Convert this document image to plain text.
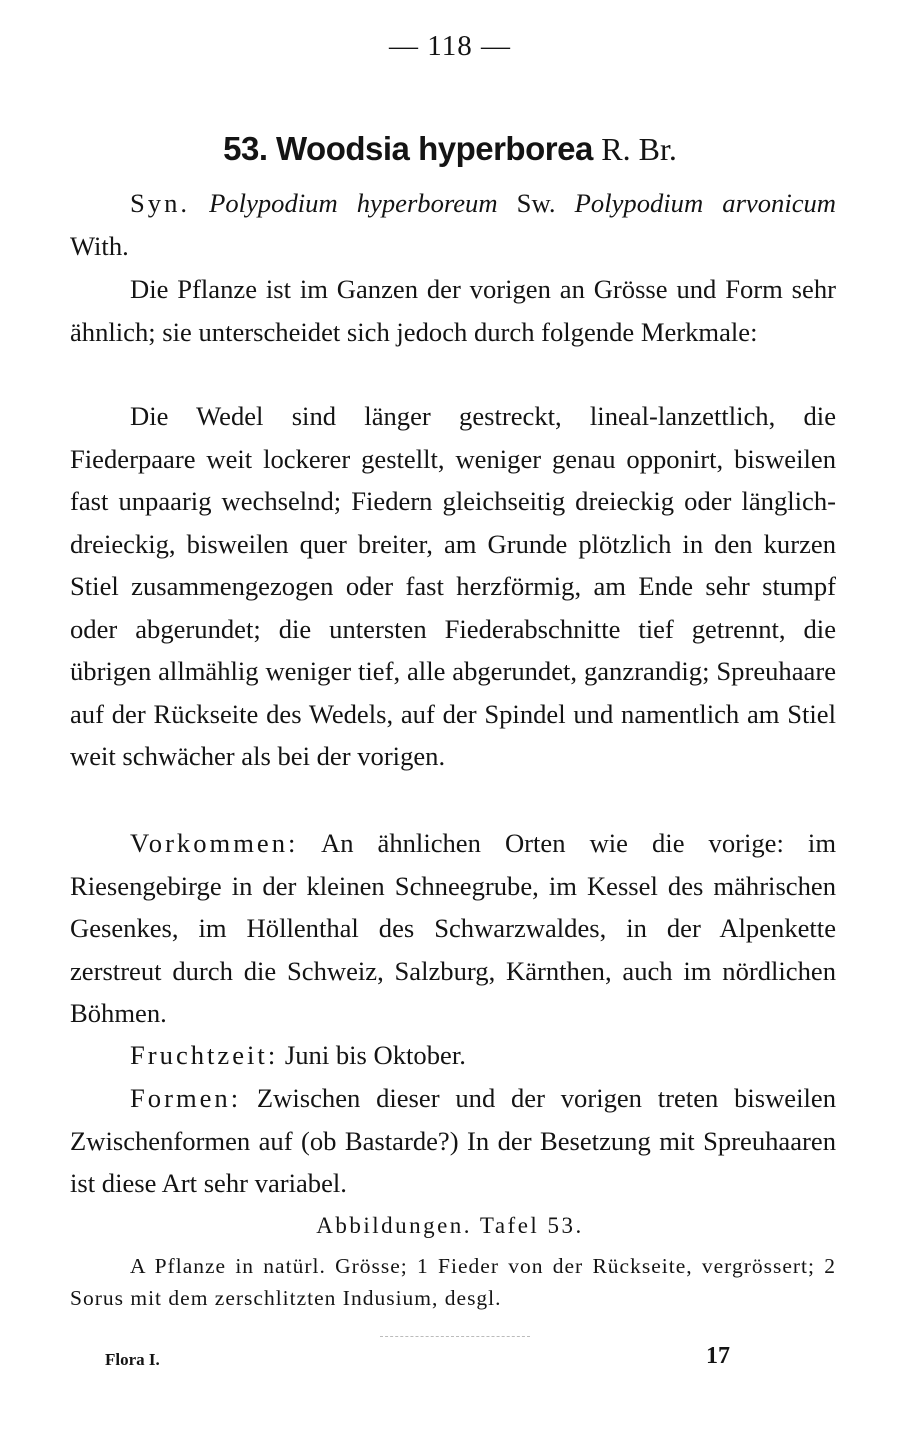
— 118 —
53. Woodsia hyperborea R. Br.

Syn. Polypodium hyperboreum Sw. Polypodium arvonicum With.

Die Pflanze ist im Ganzen der vorigen an Grösse und Form sehr ähnlich; sie unterscheidet sich jedoch durch folgende Merkmale:

Die Wedel sind länger gestreckt, lineal-lanzettlich, die Fiederpaare weit lockerer gestellt, weniger genau opponirt, bisweilen fast unpaarig wechselnd; Fiedern gleichseitig dreieckig oder länglich-dreieckig, bisweilen quer breiter, am Grunde plötzlich in den kurzen Stiel zusammengezogen oder fast herzförmig, am Ende sehr stumpf oder abgerundet; die untersten Fiederabschnitte tief getrennt, die übrigen allmählig weniger tief, alle abgerundet, ganzrandig; Spreuhaare auf der Rückseite des Wedels, auf der Spindel und namentlich am Stiel weit schwächer als bei der vorigen.

Vorkommen: An ähnlichen Orten wie die vorige: im Riesengebirge in der kleinen Schneegrube, im Kessel des mährischen Gesenkes, im Höllenthal des Schwarzwaldes, in der Alpenkette zerstreut durch die Schweiz, Salzburg, Kärnthen, auch im nördlichen Böhmen.

Fruchtzeit: Juni bis Oktober.

Formen: Zwischen dieser und der vorigen treten bisweilen Zwischenformen auf (ob Bastarde?) In der Besetzung mit Spreuhaaren ist diese Art sehr variabel.

Abbildungen. Tafel 53.

A Pflanze in natürl. Grösse; 1 Fieder von der Rückseite, vergrössert; 2 Sorus mit dem zerschlitzten Indusium, desgl.

Flora I.	17
